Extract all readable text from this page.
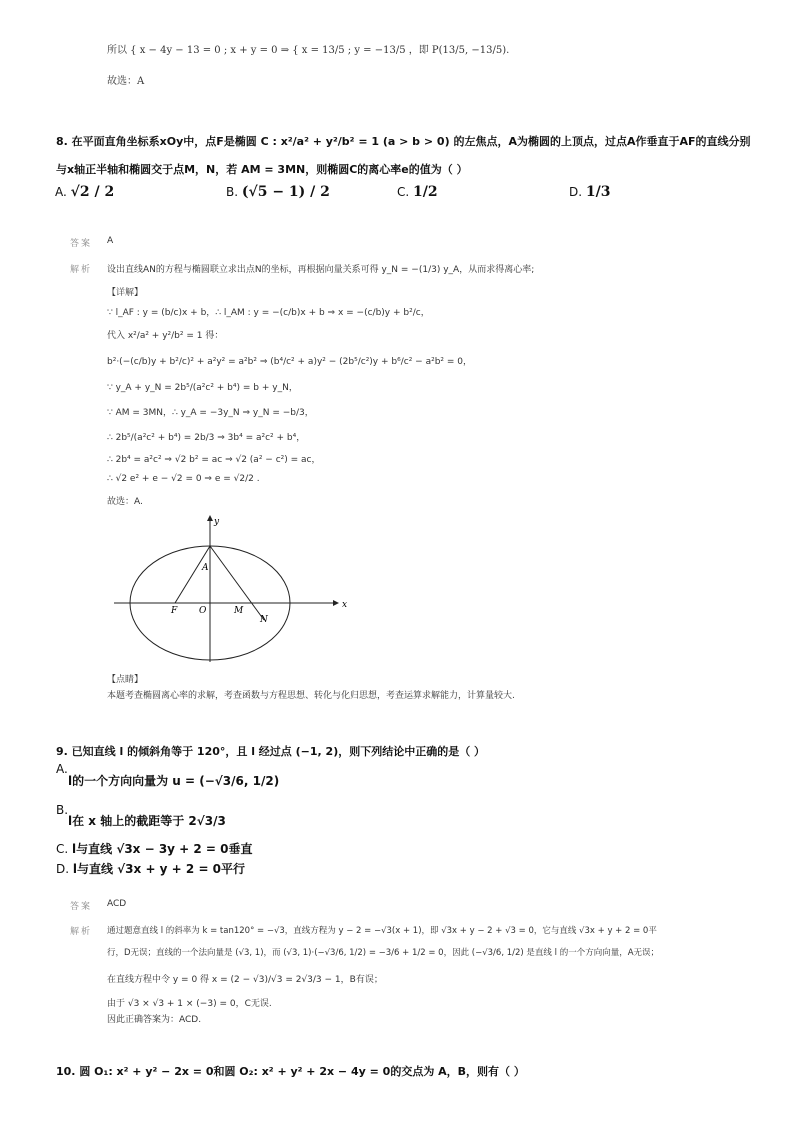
所以 { x − 4y − 13 = 0 ; x + y = 0 ⇒ { x = 13/5 ; y = −13/5 ，即 P(13/5, −13/5).
故选：A
8. 在平面直角坐标系xOy中，点F是椭圆 C : x²/a² + y²/b² = 1 (a > b > 0) 的左焦点，A为椭圆的上顶点，过点A作垂直于AF的直线分别
与x轴正半轴和椭圆交于点M，N，若 AM = 3MN，则椭圆C的离心率e的值为（ ）
A. √2 / 2	B. (√5 − 1) / 2	C. 1/2	D. 1/3
答案 A
解析 设出直线AN的方程与椭圆联立求出点N的坐标，再根据向量关系可得 y_N = −(1/3) y_A，从而求得离心率;
【详解】
∵ l_AF : y = (b/c)x + b，∴ l_AM : y = −(c/b)x + b ⇒ x = −(c/b)y + b²/c，
代入 x²/a² + y²/b² = 1 得：
b²·(−(c/b)y + b²/c)² + a²y² = a²b² ⇒ (b⁴/c² + a)y² − (2b⁵/c²)y + b⁶/c² − a²b² = 0，
∵ y_A + y_N = 2b⁵/(a²c² + b⁴) = b + y_N，
∵ AM = 3MN，∴ y_A = −3y_N ⇒ y_N = −b/3，
∴ 2b⁵/(a²c² + b⁴) = 2b/3 ⇒ 3b⁴ = a²c² + b⁴，
∴ 2b⁴ = a²c² ⇒ √2 b² = ac ⇒ √2 (a² − c²) = ac，
∴ √2 e² + e − √2 = 0 ⇒ e = √2/2 .
故选：A.
x
y
A
F O	M
N
【点睛】
本题考查椭圆离心率的求解，考查函数与方程思想、转化与化归思想，考查运算求解能力，计算量较大.
9. 已知直线 l 的倾斜角等于 120°，且 l 经过点 (−1, 2)，则下列结论中正确的是（ ）
A.
l的一个方向向量为 u = (−√3/6, 1/2)
B.
l在 x 轴上的截距等于 2√3/3
C. l与直线 √3x − 3y + 2 = 0垂直
D. l与直线 √3x + y + 2 = 0平行
答案 ACD
解析 通过题意直线 l 的斜率为 k = tan120° = −√3，直线方程为 y − 2 = −√3(x + 1)，即 √3x + y − 2 + √3 = 0，它与直线 √3x + y + 2 = 0平
行，D无误；直线的一个法向量是 (√3, 1)，而 (√3, 1)·(−√3/6, 1/2) = −3/6 + 1/2 = 0，因此 (−√3/6, 1/2) 是直线 l 的一个方向向量，A无误；
在直线方程中令 y = 0 得 x = (2 − √3)/√3 = 2√3/3 − 1，B有误；
由于 √3 × √3 + 1 × (−3) = 0，C无误.
因此正确答案为：ACD.
10. 圆 O₁: x² + y² − 2x = 0和圆 O₂: x² + y² + 2x − 4y = 0的交点为 A，B，则有（ ）
